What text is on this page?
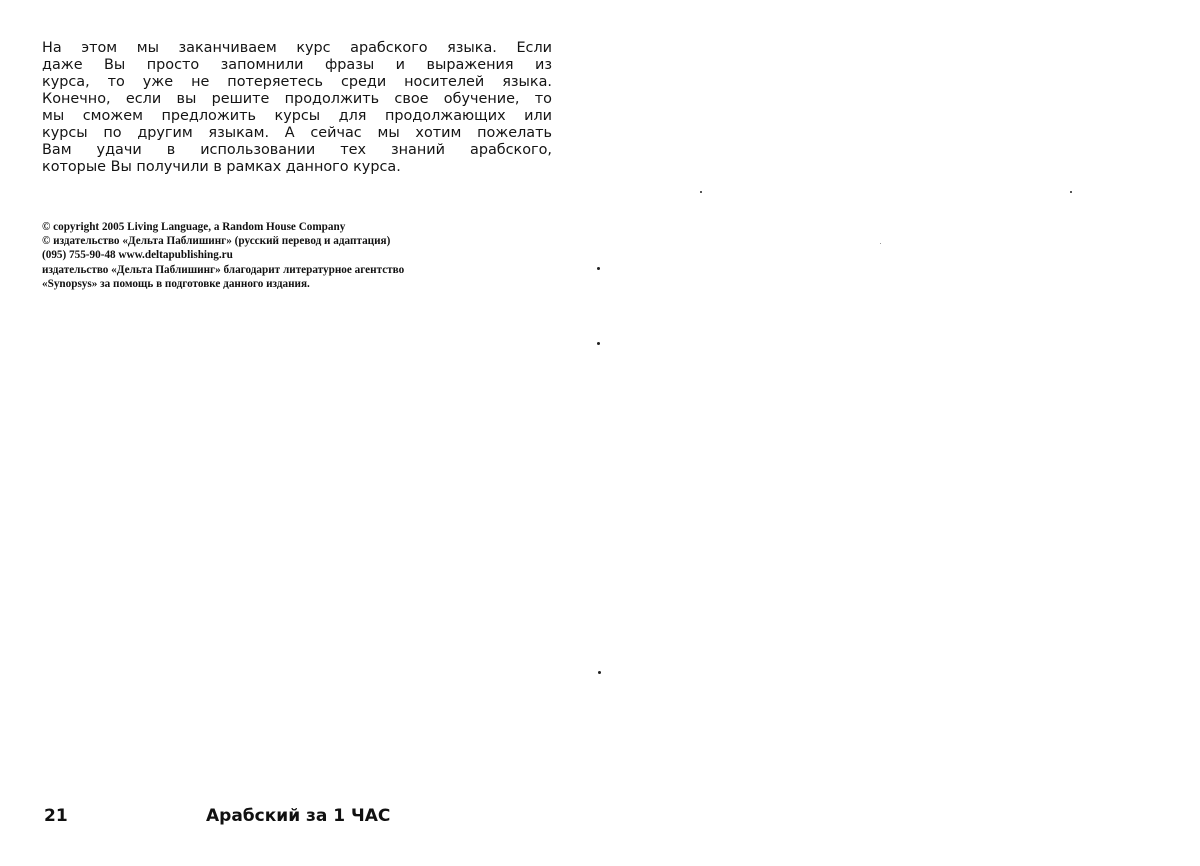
На этом мы заканчиваем курс арабского языка. Если
даже Вы просто запомнили фразы и выражения из
курса, то уже не потеряетесь среди носителей языка.
Конечно, если вы решите продолжить свое обучение, то
мы сможем предложить курсы для продолжающих или
курсы по другим языкам. А сейчас мы хотим пожелать
Вам удачи в использовании тех знаний арабского,
которые Вы получили в рамках данного курса.
© copyright 2005 Living Language, a Random House Company
© издательство «Дельта Паблишинг» (русский перевод и адаптация)
(095) 755-90-48 www.deltapublishing.ru
издательство «Дельта Паблишинг» благодарит литературное агентство
«Synopsys» за помощь в подготовке данного издания.
21	Арабский за 1 ЧАС
